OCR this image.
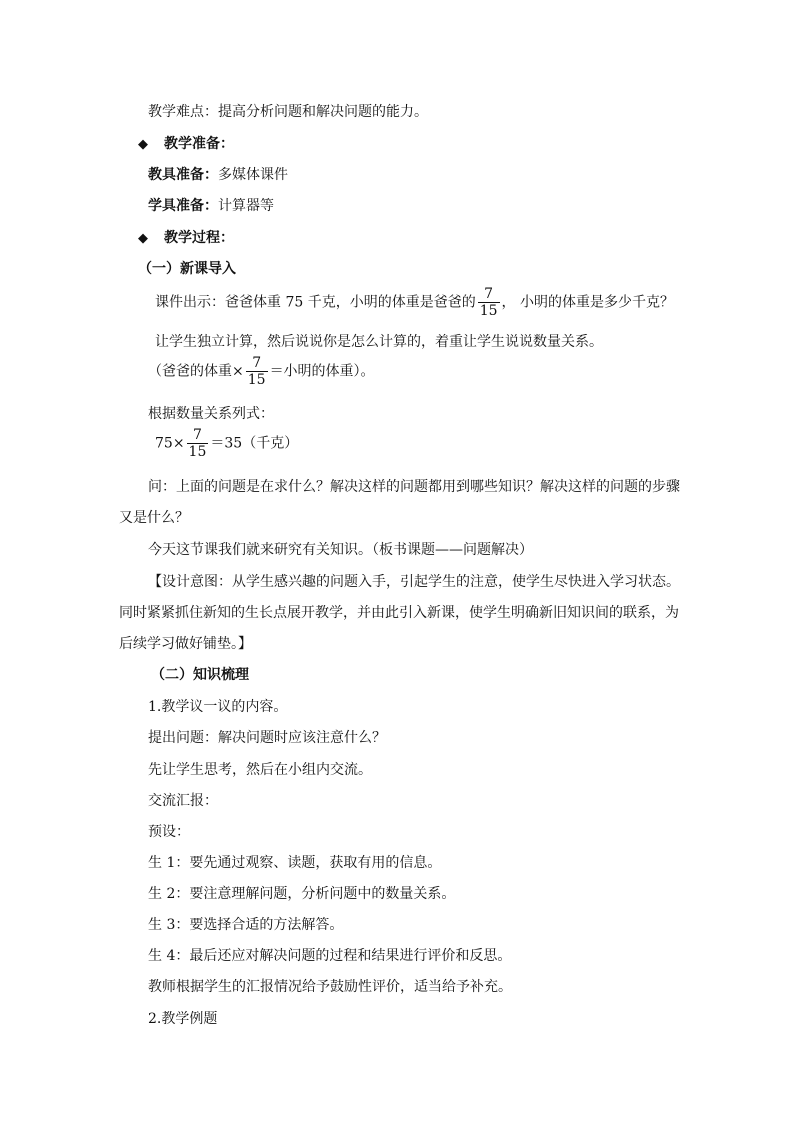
教学难点：提高分析问题和解决问题的能力。
◆ 教学准备：
教具准备：多媒体课件
学具准备：计算器等
◆ 教学过程：
（一）新课导入
课件出示：爸爸体重 75 千克，小明的体重是爸爸的 $\frac{7}{15}$ ， 小明的体重是多少千克？
让学生独立计算，然后说说你是怎么计算的，着重让学生说说数量关系。
（爸爸的体重× $\frac{7}{15}$ ＝小明的体重）。
根据数量关系列式：
$75\times \frac{7}{15} =35$（千克）
问：上面的问题是在求什么？解决这样的问题都用到哪些知识？解决这样的问题的步骤
又是什么？
今天这节课我们就来研究有关知识。（板书课题——问题解决）
【设计意图：从学生感兴趣的问题入手，引起学生的注意，使学生尽快进入学习状态。
同时紧紧抓住新知的生长点展开教学，并由此引入新课，使学生明确新旧知识间的联系，为
后续学习做好铺垫。】
（二）知识梳理
1.教学议一议的内容。
提出问题：解决问题时应该注意什么？
先让学生思考，然后在小组内交流。
交流汇报：
预设：
生 1：要先通过观察、读题，获取有用的信息。
生 2：要注意理解问题，分析问题中的数量关系。
生 3：要选择合适的方法解答。
生 4：最后还应对解决问题的过程和结果进行评价和反思。
教师根据学生的汇报情况给予鼓励性评价，适当给予补充。
2.教学例题
